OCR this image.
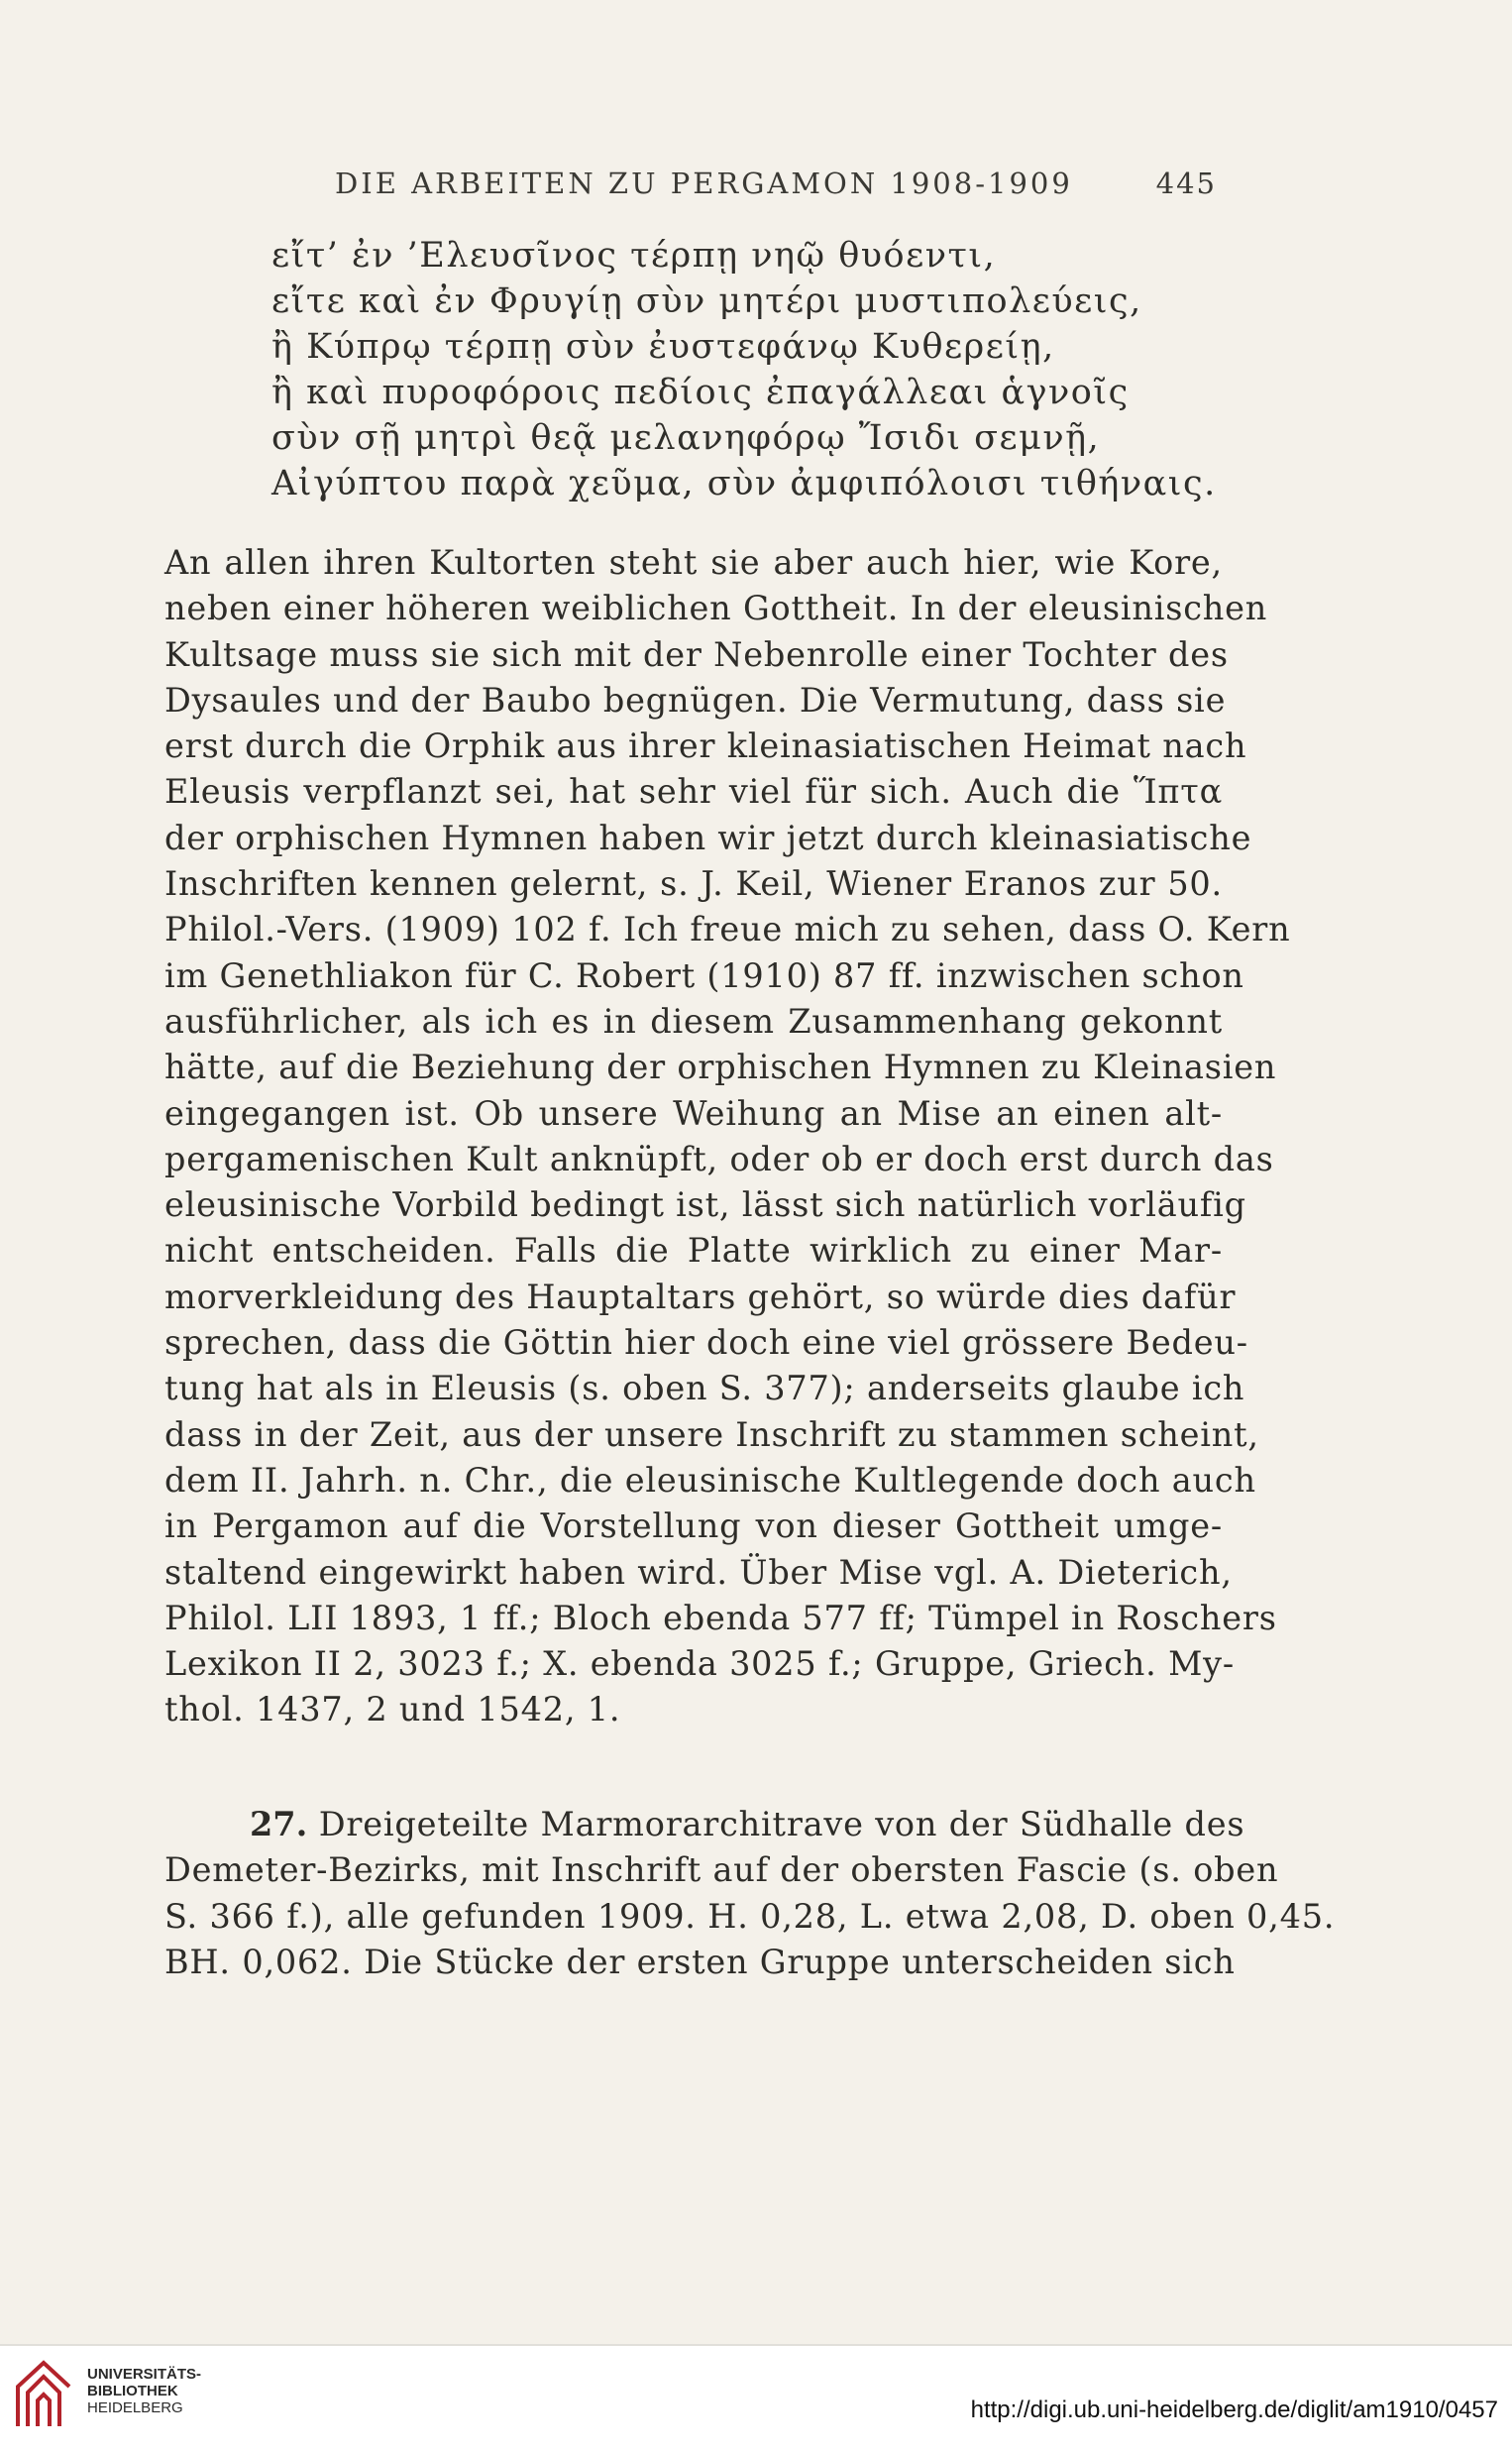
DIE ARBEITEN ZU PERGAMON 1908-1909	445
εἴτ’ ἐν ’Ελευσῖνος τέρπῃ νηῷ θυόεντι,
εἴτε καὶ ἐν Φρυγίῃ σὺν μητέρι μυστιπολεύεις,
ἢ Κύπρῳ τέρπῃ σὺν ἐυστεφάνῳ Κυθερείῃ,
ἢ καὶ πυροφόροις πεδίοις ἐπαγάλλεαι ἁγνοῖς
σὺν σῇ μητρὶ θεᾷ μελανηφόρῳ Ἴσιδι σεμνῇ,
Αἰγύπτου παρὰ χεῦμα, σὺν ἀμφιπόλοισι τιθήναις.
An allen ihren Kultorten steht sie aber auch hier, wie Kore,
neben einer höheren weiblichen Gottheit. In der eleusinischen
Kultsage muss sie sich mit der Nebenrolle einer Tochter des
Dysaules und der Baubo begnügen. Die Vermutung, dass sie
erst durch die Orphik aus ihrer kleinasiatischen Heimat nach
Eleusis verpflanzt sei, hat sehr viel für sich. Auch die Ἵπτα
der orphischen Hymnen haben wir jetzt durch kleinasiatische
Inschriften kennen gelernt, s. J. Keil, Wiener Eranos zur 50.
Philol.-Vers. (1909) 102 f. Ich freue mich zu sehen, dass O. Kern
im Genethliakon für C. Robert (1910) 87 ff. inzwischen schon
ausführlicher, als ich es in diesem Zusammenhang gekonnt
hätte, auf die Beziehung der orphischen Hymnen zu Kleinasien
eingegangen ist. Ob unsere Weihung an Mise an einen alt-
pergamenischen Kult anknüpft, oder ob er doch erst durch das
eleusinische Vorbild bedingt ist, lässt sich natürlich vorläufig
nicht entscheiden. Falls die Platte wirklich zu einer Mar-
morverkleidung des Hauptaltars gehört, so würde dies dafür
sprechen, dass die Göttin hier doch eine viel grössere Bedeu-
tung hat als in Eleusis (s. oben S. 377); anderseits glaube ich
dass in der Zeit, aus der unsere Inschrift zu stammen scheint,
dem II. Jahrh. n. Chr., die eleusinische Kultlegende doch auch
in Pergamon auf die Vorstellung von dieser Gottheit umge-
staltend eingewirkt haben wird. Über Mise vgl. A. Dieterich,
Philol. LII 1893, 1 ff.; Bloch ebenda 577 ff; Tümpel in Roschers
Lexikon II 2, 3023 f.; X. ebenda 3025 f.; Gruppe, Griech. My-
thol. 1437, 2 und 1542, 1.
27. Dreigeteilte Marmorarchitrave von der Südhalle des
Demeter-Bezirks, mit Inschrift auf der obersten Fascie (s. oben
S. 366 f.), alle gefunden 1909. H. 0,28, L. etwa 2,08, D. oben 0,45.
BH. 0,062. Die Stücke der ersten Gruppe unterscheiden sich
UNIVERSITÄTS-
BIBLIOTHEK
HEIDELBERG	http://digi.ub.uni-heidelberg.de/diglit/am1910/0457
